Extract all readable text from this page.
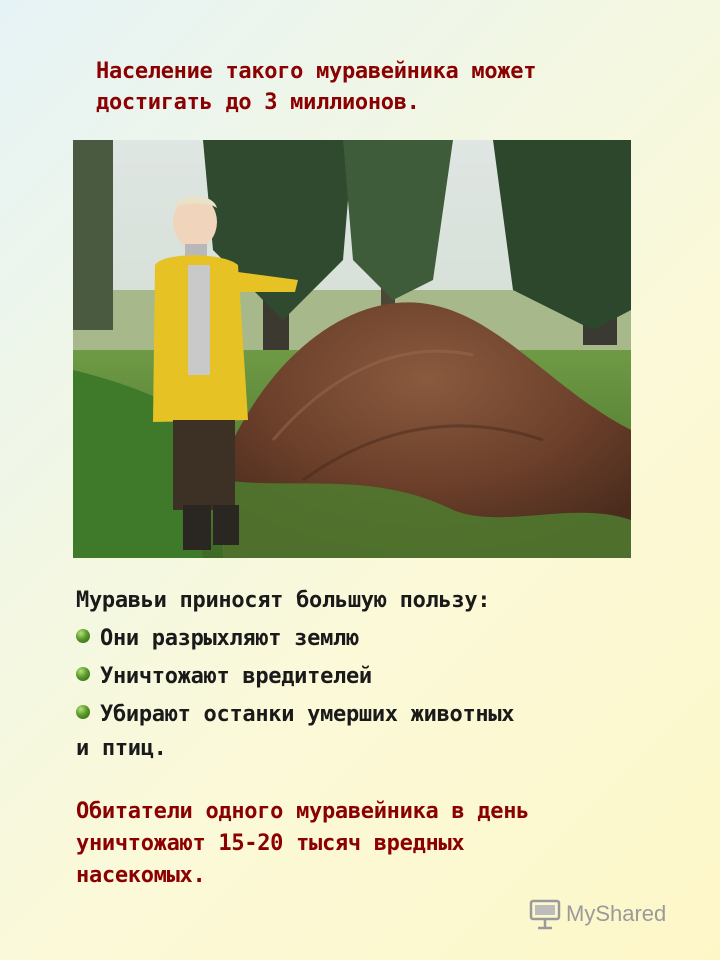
Население такого муравейника может
достигать до 3 миллионов.
Муравьи приносят большую пользу:
Они разрыхляют землю
Уничтожают вредителей
Убирают останки умерших животных
и птиц.
Обитатели одного муравейника в день
уничтожают 15-20 тысяч вредных
насекомых.
MyShared
